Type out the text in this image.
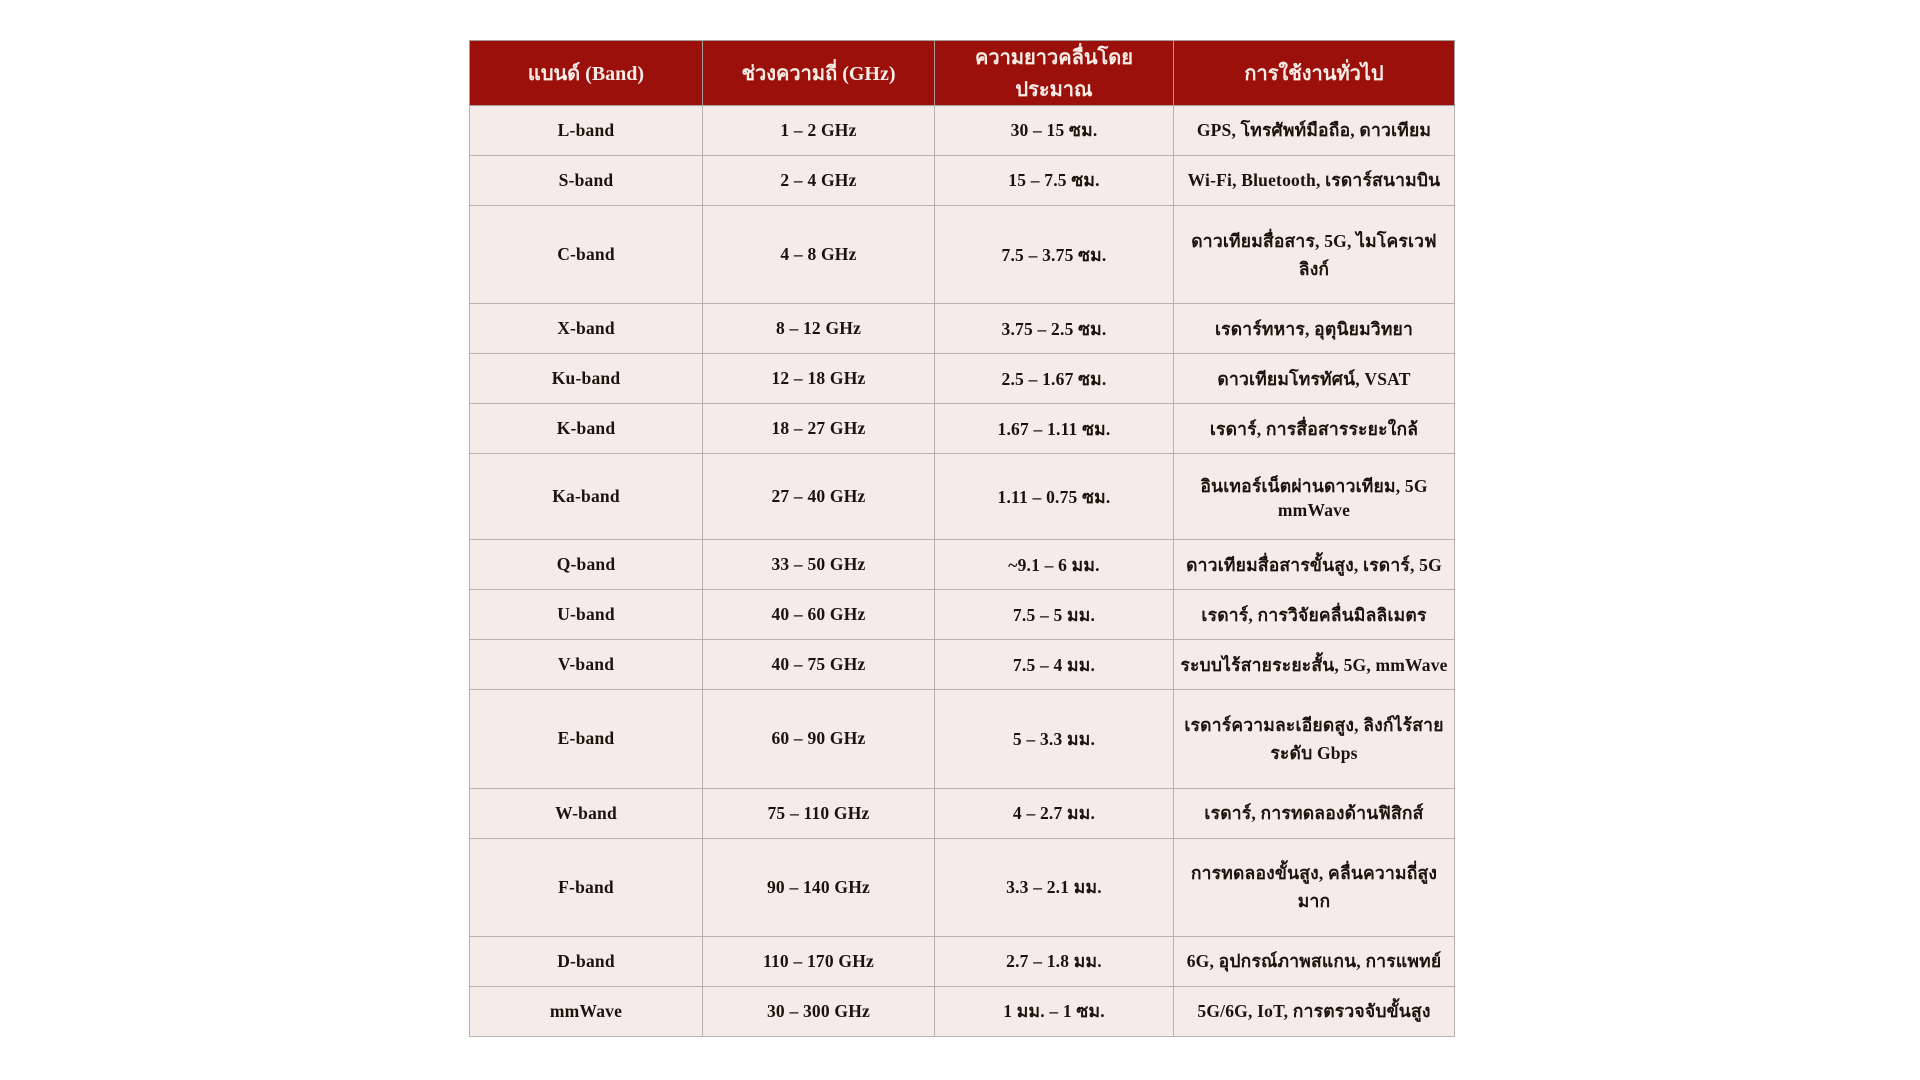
แบนด์ (Band)	ช่วงความถี่ (GHz)	ความยาวคลื่นโดยประมาณ	การใช้งานทั่วไป
L-band	1 – 2 GHz	30 – 15 ซม.	GPS, โทรศัพท์มือถือ, ดาวเทียม
S-band	2 – 4 GHz	15 – 7.5 ซม.	Wi-Fi, Bluetooth, เรดาร์สนามบิน
C-band	4 – 8 GHz	7.5 – 3.75 ซม.	ดาวเทียมสื่อสาร, 5G, ไมโครเวฟลิงก์
X-band	8 – 12 GHz	3.75 – 2.5 ซม.	เรดาร์ทหาร, อุตุนิยมวิทยา
Ku-band	12 – 18 GHz	2.5 – 1.67 ซม.	ดาวเทียมโทรทัศน์, VSAT
K-band	18 – 27 GHz	1.67 – 1.11 ซม.	เรดาร์, การสื่อสารระยะใกล้
Ka-band	27 – 40 GHz	1.11 – 0.75 ซม.	อินเทอร์เน็ตผ่านดาวเทียม, 5G mmWave
Q-band	33 – 50 GHz	~9.1 – 6 มม.	ดาวเทียมสื่อสารขั้นสูง, เรดาร์, 5G
U-band	40 – 60 GHz	7.5 – 5 มม.	เรดาร์, การวิจัยคลื่นมิลลิเมตร
V-band	40 – 75 GHz	7.5 – 4 มม.	ระบบไร้สายระยะสั้น, 5G, mmWave
E-band	60 – 90 GHz	5 – 3.3 มม.	เรดาร์ความละเอียดสูง, ลิงก์ไร้สายระดับ Gbps
W-band	75 – 110 GHz	4 – 2.7 มม.	เรดาร์, การทดลองด้านฟิสิกส์
F-band	90 – 140 GHz	3.3 – 2.1 มม.	การทดลองขั้นสูง, คลื่นความถี่สูงมาก
D-band	110 – 170 GHz	2.7 – 1.8 มม.	6G, อุปกรณ์ภาพสแกน, การแพทย์
mmWave	30 – 300 GHz	1 มม. – 1 ซม.	5G/6G, IoT, การตรวจจับขั้นสูง
